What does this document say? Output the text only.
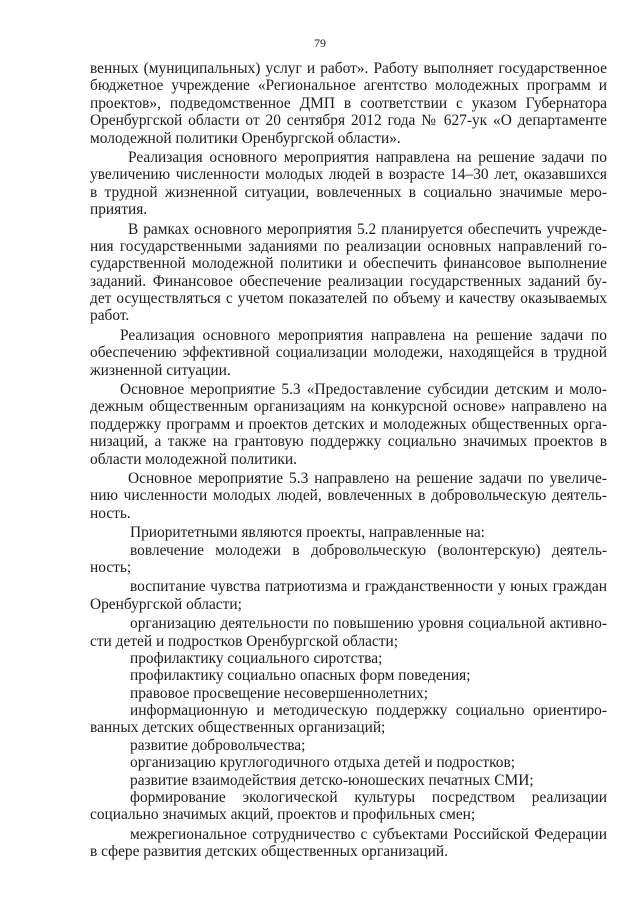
79
венных (муниципальных) услуг и работ». Работу выполняет государственное
бюджетное учреждение «Региональное агентство молодежных программ и
проектов», подведомственное ДМП в соответствии с указом Губернатора
Оренбургской области от 20 сентября 2012 года № 627-ук «О департаменте
молодежной политики Оренбургской области».
Реализация основного мероприятия направлена на решение задачи по
увеличению численности молодых людей в возрасте 14–30 лет, оказавшихся
в трудной жизненной ситуации, вовлеченных в социально значимые меро-
приятия.
В рамках основного мероприятия 5.2 планируется обеспечить учрежде-
ния государственными заданиями по реализации основных направлений го-
сударственной молодежной политики и обеспечить финансовое выполнение
заданий. Финансовое обеспечение реализации государственных заданий бу-
дет осуществляться с учетом показателей по объему и качеству оказываемых
работ.
Реализация основного мероприятия направлена на решение задачи по
обеспечению эффективной социализации молодежи, находящейся в трудной
жизненной ситуации.
Основное мероприятие 5.3 «Предоставление субсидии детским и моло-
дежным общественным организациям на конкурсной основе» направлено на
поддержку программ и проектов детских и молодежных общественных орга-
низаций, а также на грантовую поддержку социально значимых проектов в
области молодежной политики.
Основное мероприятие 5.3 направлено на решение задачи по увеличе-
нию численности молодых людей, вовлеченных в добровольческую деятель-
ность.
Приоритетными являются проекты, направленные на:
вовлечение молодежи в добровольческую (волонтерскую) деятель-
ность;
воспитание чувства патриотизма и гражданственности у юных граждан
Оренбургской области;
организацию деятельности по повышению уровня социальной активно-
сти детей и подростков Оренбургской области;
профилактику социального сиротства;
профилактику социально опасных форм поведения;
правовое просвещение несовершеннолетних;
информационную и методическую поддержку социально ориентиро-
ванных детских общественных организаций;
развитие добровольчества;
организацию круглогодичного отдыха детей и подростков;
развитие взаимодействия детско-юношеских печатных СМИ;
формирование экологической культуры посредством реализации
социально значимых акций, проектов и профильных смен;
межрегиональное сотрудничество с субъектами Российской Федерации
в сфере развития детских общественных организаций.
